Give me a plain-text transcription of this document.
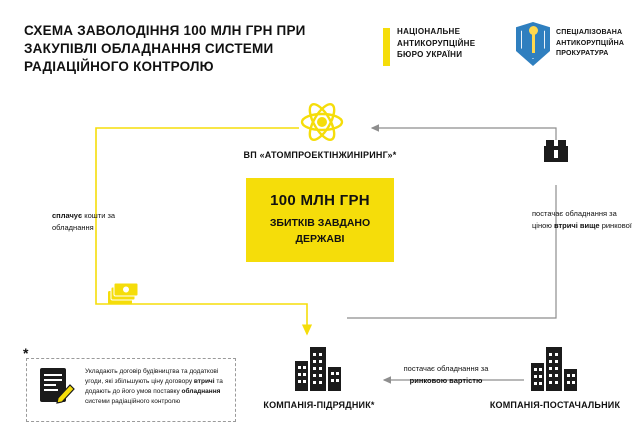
СХЕМА ЗАВОЛОДІННЯ 100 МЛН ГРН ПРИ ЗАКУПІВЛІ ОБЛАДНАННЯ СИСТЕМИ РАДІАЦІЙНОГО КОНТРОЛЮ
НАЦІОНАЛЬНЕ АНТИКОРУПЦІЙНЕ БЮРО УКРАЇНИ
СПЕЦІАЛІЗОВАНА АНТИКОРУПЦІЙНА ПРОКУРАТУРА
100 МЛН ГРН
ЗБИТКІВ ЗАВДАНО ДЕРЖАВІ
ВП «АТОМПРОЕКТІНЖИНІРИНГ»*
КОМПАНІЯ-ПІДРЯДНИК*	КОМПАНІЯ-ПОСТАЧАЛЬНИК
сплачує кошти за обладнання
постачає обладнання за ціною втричі вище ринкової
постачає обладнання за ринковою вартістю
*
Укладають договір будівництва та додаткові угоди, які збільшують ціну договору втричі та додають до його умов поставку обладнання системи радіаційного контролю
